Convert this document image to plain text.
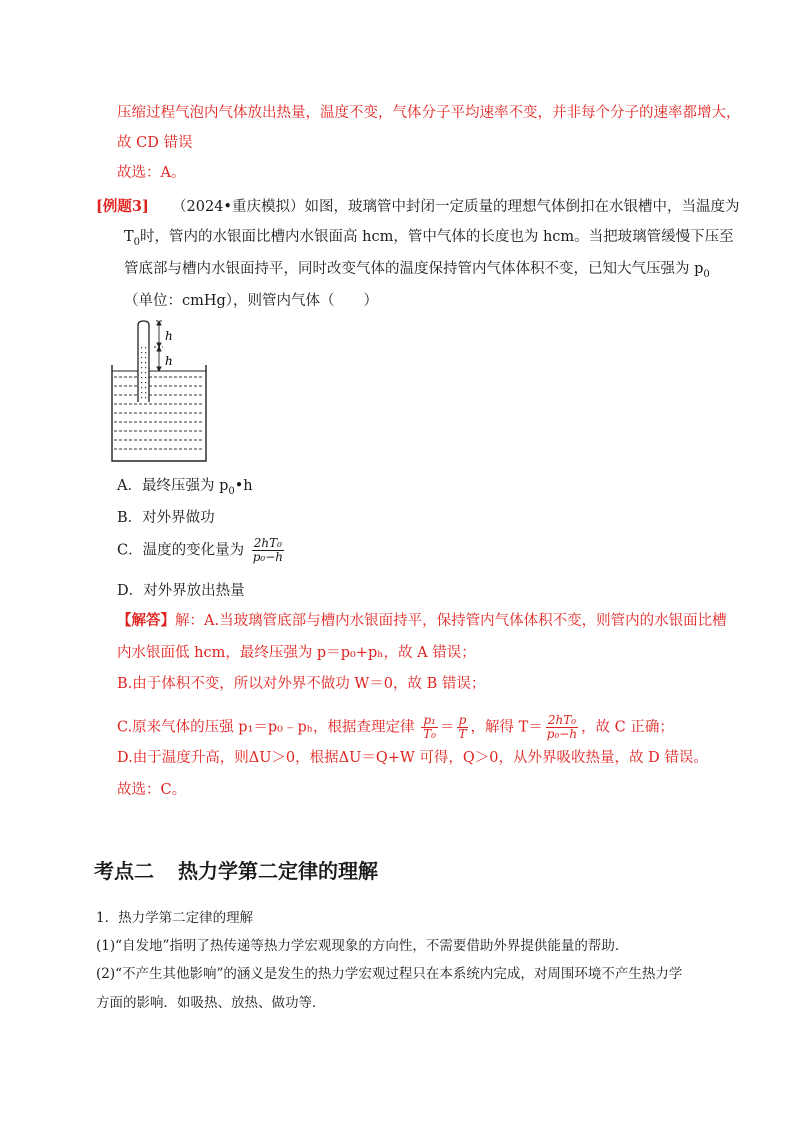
压缩过程气泡内气体放出热量，温度不变，气体分子平均速率不变，并非每个分子的速率都增大，
故 CD 错误
故选：A。
[例题3] （2024•重庆模拟）如图，玻璃管中封闭一定质量的理想气体倒扣在水银槽中，当温度为
$T_0$时，管内的水银面比槽内水银面高 hcm，管中气体的长度也为 hcm。当把玻璃管缓慢下压至
管底部与槽内水银面持平，同时改变气体的温度保持管内气体体积不变，已知大气压强为 $p_0$
（单位：cmHg），则管内气体（　　）
h
h
A．最终压强为 $p_0•h$
B．对外界做功
C．温度的变化量为 $\frac{\text{2hT₀}}{\text{p₀−h}}$
D．对外界放出热量
【解答】解：A.当玻璃管底部与槽内水银面持平，保持管内气体体积不变，则管内的水银面比槽
内水银面低 hcm，最终压强为 p＝p₀+pₕ，故 A 错误；
B.由于体积不变，所以对外界不做功 W＝0，故 B 错误；
C.原来气体的压强 p₁＝p₀﹣pₕ，根据查理定律 $\frac{\text{p₁}}{\text{T₀}} = \frac{p}{T}$ ，解得 $T= \frac{\text{2hT₀}}{\text{p₀−h}}$ ，故 C 正确；
D.由于温度升高，则ΔU＞0，根据ΔU＝Q+W 可得，Q＞0，从外界吸收热量，故 D 错误。
故选：C。
考点二 热力学第二定律的理解
1．热力学第二定律的理解
(1)“自发地”指明了热传递等热力学宏观现象的方向性，不需要借助外界提供能量的帮助．
(2)“不产生其他影响”的涵义是发生的热力学宏观过程只在本系统内完成，对周围环境不产生热力学
方面的影响．如吸热、放热、做功等．
